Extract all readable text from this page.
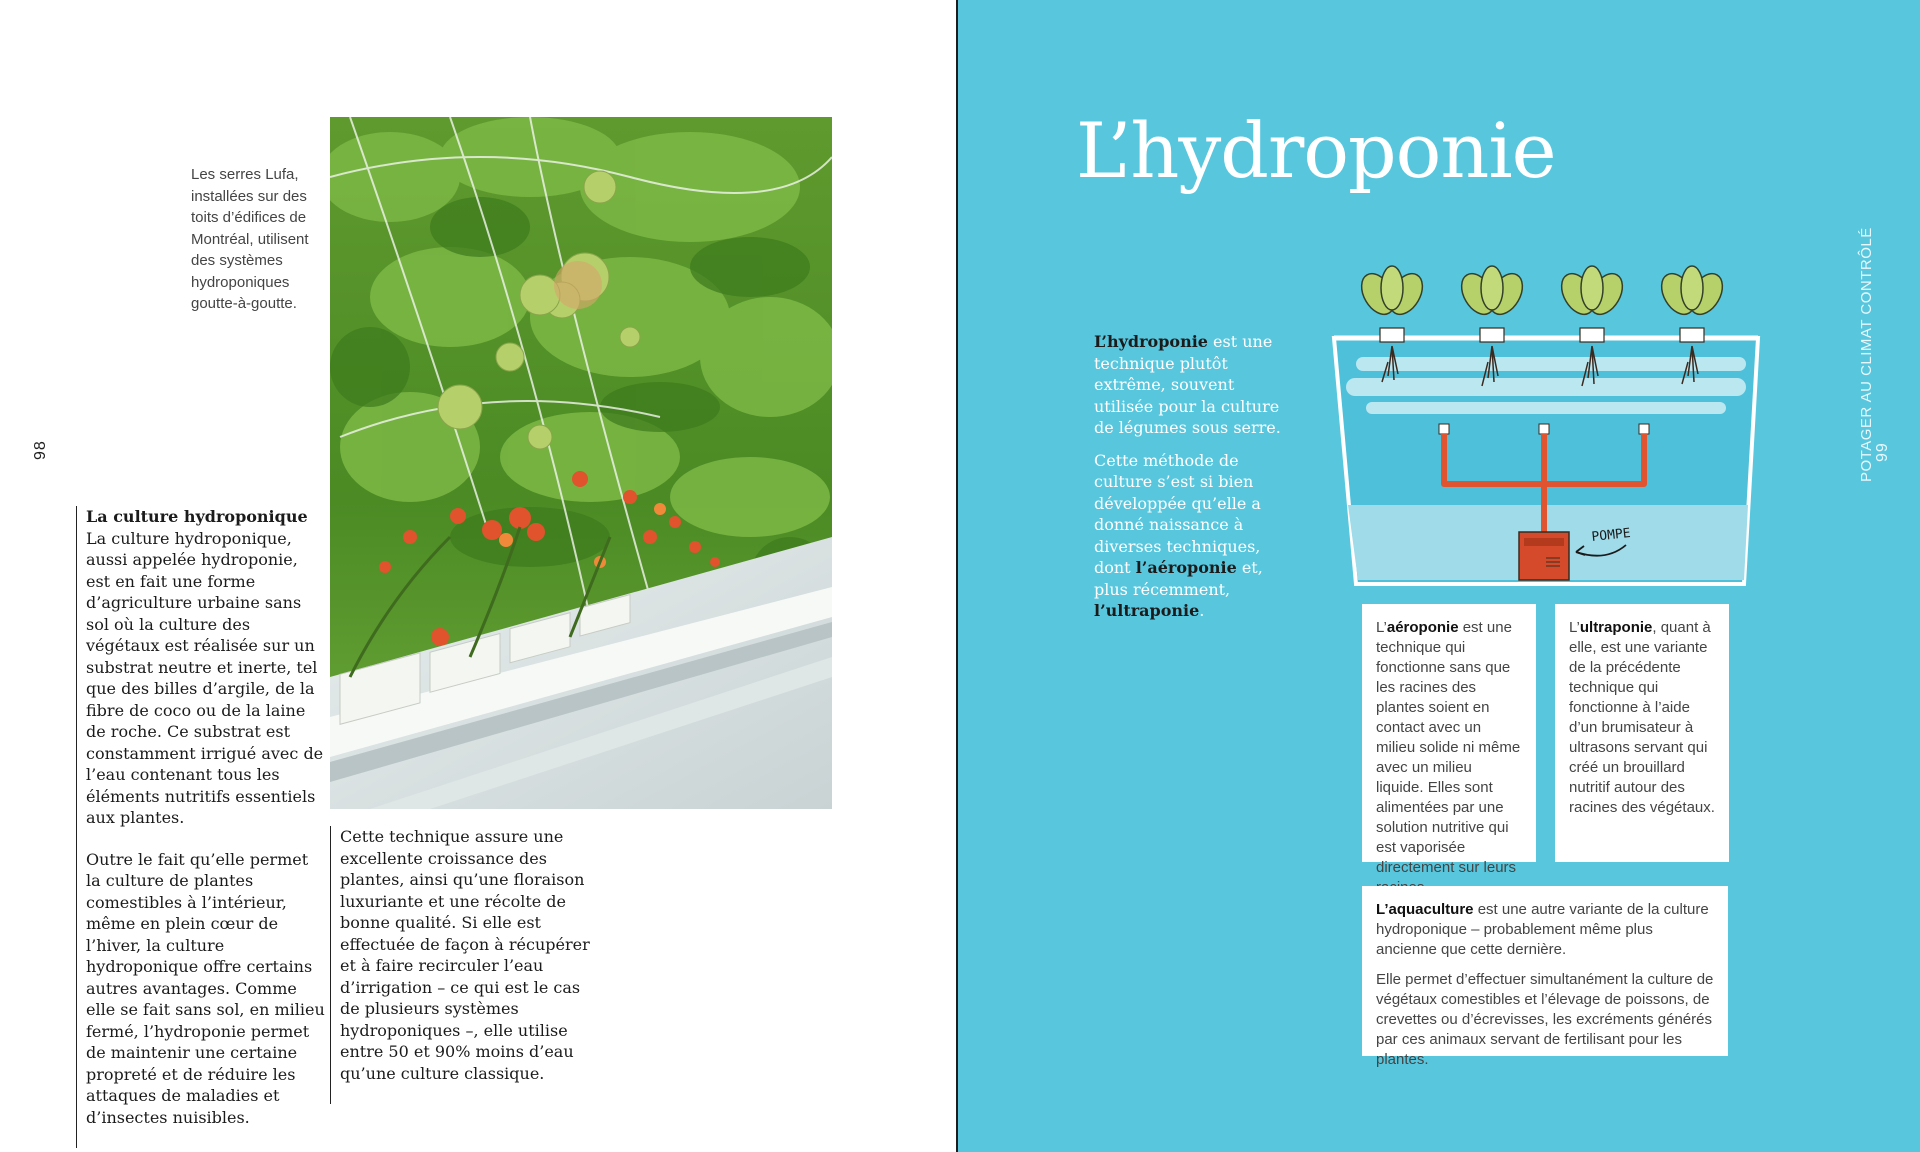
Les serres Lufa, installées sur des toits d’édifices de Montréal, utilisent des systèmes hydroponiques goutte-à-goutte.
98
La culture hydroponique

La culture hydroponique, aussi appelée hydroponie, est en fait une forme d’agriculture urbaine sans sol où la culture des végétaux est réalisée sur un substrat neutre et inerte, tel que des billes d’argile, de la fibre de coco ou de la laine de roche. Ce substrat est constamment irrigué avec de l’eau contenant tous les éléments nutritifs essentiels aux plantes.

Outre le fait qu’elle permet la culture de plantes comestibles à l’intérieur, même en plein cœur de l’hiver, la culture hydroponique offre certains autres avantages. Comme elle se fait sans sol, en milieu fermé, l’hydroponie permet de maintenir une certaine propreté et de réduire les attaques de maladies et d’insectes nuisibles.

Cette technique assure une excellente croissance des plantes, ainsi qu’une floraison luxuriante et une récolte de bonne qualité. Si elle est effectuée de façon à récupérer et à faire recirculer l’eau d’irrigation – ce qui est le cas de plusieurs systèmes hydroponiques –, elle utilise entre 50 et 90% moins d’eau qu’une culture classique.

L’hydroponie
POTAGER AU CLIMAT CONTRÔLÉ 99

L’hydroponie est une technique plutôt extrême, souvent utilisée pour la culture de légumes sous serre.

Cette méthode de culture s’est si bien développée qu’elle a donné naissance à diverses techniques, dont l’aéroponie et, plus récemment, l’ultraponie.

POMPE
L’aéroponie est une technique qui fonctionne sans que les racines des plantes soient en contact avec un milieu solide ni même avec un milieu liquide. Elles sont alimentées par une solution nutritive qui est vaporisée directement sur leurs
L’ultraponie, quant à elle, est une variante de la précédente technique qui fonctionne à l’aide d’un brumisateur à ultrasons servant qui créé un brouillard nutritif autour des racines des végétaux.

L’aquaculture est une autre variante de la culture hydroponique – probablement même plus ancienne que cette dernière.

Elle permet d’effectuer simultanément la culture de végétaux comestibles et l’élevage de poissons, de crevettes ou d’écrevisses, les excréments générés par ces animaux servant de fertilisant pour les plantes.
